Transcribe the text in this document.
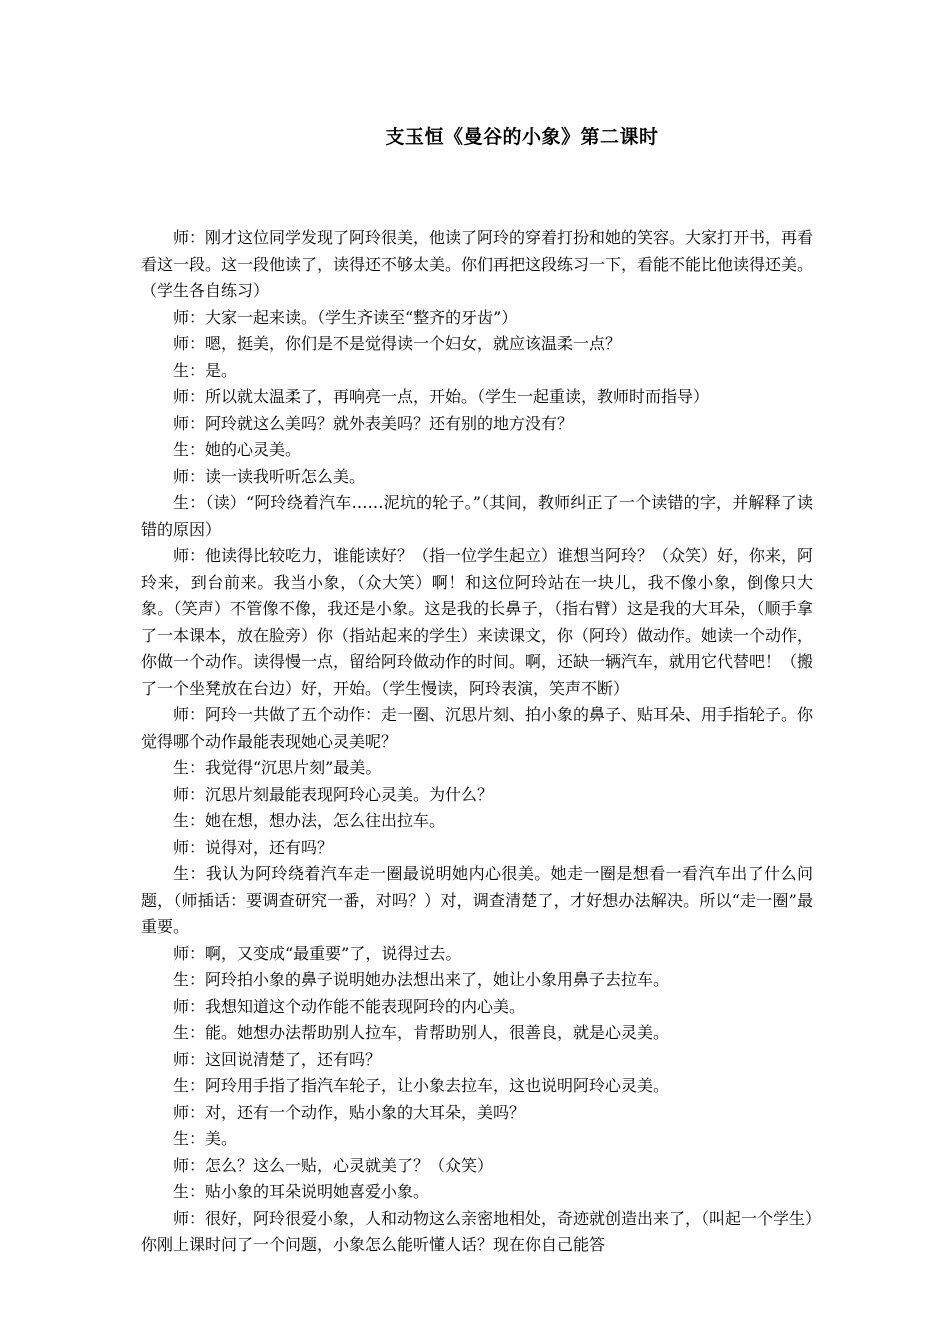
支玉恒《曼谷的小象》第二课时

师：刚才这位同学发现了阿玲很美，他读了阿玲的穿着打扮和她的笑容。大家打开书，再看看这一段。这一段他读了，读得还不够太美。你们再把这段练习一下，看能不能比他读得还美。（学生各自练习）

师：大家一起来读。（学生齐读至“整齐的牙齿”）

师：嗯，挺美，你们是不是觉得读一个妇女，就应该温柔一点？

生：是。

师：所以就太温柔了，再响亮一点，开始。（学生一起重读，教师时而指导）

师：阿玲就这么美吗？就外表美吗？还有别的地方没有？

生：她的心灵美。

师：读一读我听听怎么美。

生：（读）“阿玲绕着汽车……泥坑的轮子。”（其间，教师纠正了一个读错的字，并解释了读错的原因）

师：他读得比较吃力，谁能读好？（指一位学生起立）谁想当阿玲？（众笑）好，你来，阿玲来，到台前来。我当小象，（众大笑）啊！和这位阿玲站在一块儿，我不像小象，倒像只大象。（笑声）不管像不像，我还是小象。这是我的长鼻子，（指右臂）这是我的大耳朵，（顺手拿了一本课本，放在脸旁）你（指站起来的学生）来读课文，你（阿玲）做动作。她读一个动作，你做一个动作。读得慢一点，留给阿玲做动作的时间。啊，还缺一辆汽车，就用它代替吧！（搬了一个坐凳放在台边）好，开始。（学生慢读，阿玲表演，笑声不断）

师：阿玲一共做了五个动作：走一圈、沉思片刻、拍小象的鼻子、贴耳朵、用手指轮子。你觉得哪个动作最能表现她心灵美呢？

生：我觉得“沉思片刻”最美。

师：沉思片刻最能表现阿玲心灵美。为什么？

生：她在想，想办法，怎么往出拉车。

师：说得对，还有吗？

生：我认为阿玲绕着汽车走一圈最说明她内心很美。她走一圈是想看一看汽车出了什么问题，（师插话：要调查研究一番，对吗？）对，调查清楚了，才好想办法解决。所以“走一圈”最重要。

师：啊，又变成“最重要”了，说得过去。

生：阿玲拍小象的鼻子说明她办法想出来了，她让小象用鼻子去拉车。

师：我想知道这个动作能不能表现阿玲的内心美。

生：能。她想办法帮助别人拉车，肯帮助别人，很善良，就是心灵美。

师：这回说清楚了，还有吗？

生：阿玲用手指了指汽车轮子，让小象去拉车，这也说明阿玲心灵美。

师：对，还有一个动作，贴小象的大耳朵，美吗？

生：美。

师：怎么？这么一贴，心灵就美了？（众笑）

生：贴小象的耳朵说明她喜爱小象。

师：很好，阿玲很爱小象，人和动物这么亲密地相处，奇迹就创造出来了，（叫起一个学生）你刚上课时问了一个问题，小象怎么能听懂人话？现在你自己能答
